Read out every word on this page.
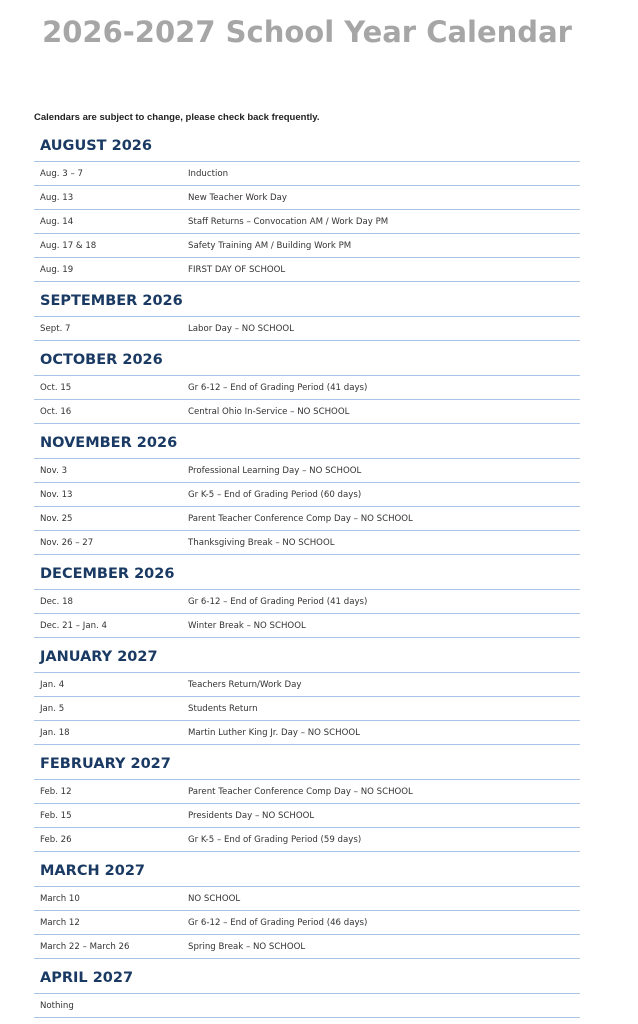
2026-2027 School Year Calendar

Calendars are subject to change, please check back frequently.

AUGUST 2026
Aug. 3 – 7	Induction
Aug. 13	New Teacher Work Day
Aug. 14	Staff Returns – Convocation AM / Work Day PM
Aug. 17 & 18	Safety Training AM / Building Work PM
Aug. 19	FIRST DAY OF SCHOOL
SEPTEMBER 2026
Sept. 7	Labor Day – NO SCHOOL
OCTOBER 2026
Oct. 15	Gr 6-12 – End of Grading Period (41 days)
Oct. 16	Central Ohio In-Service – NO SCHOOL
NOVEMBER 2026
Nov. 3	Professional Learning Day – NO SCHOOL
Nov. 13	Gr K-5 – End of Grading Period (60 days)
Nov. 25	Parent Teacher Conference Comp Day – NO SCHOOL
Nov. 26 – 27	Thanksgiving Break – NO SCHOOL
DECEMBER 2026
Dec. 18	Gr 6-12 – End of Grading Period (41 days)
Dec. 21 – Jan. 4	Winter Break – NO SCHOOL
JANUARY 2027
Jan. 4	Teachers Return/Work Day
Jan. 5	Students Return
Jan. 18	Martin Luther King Jr. Day – NO SCHOOL
FEBRUARY 2027
Feb. 12	Parent Teacher Conference Comp Day – NO SCHOOL
Feb. 15	Presidents Day – NO SCHOOL
Feb. 26	Gr K-5 – End of Grading Period (59 days)
MARCH 2027
March 10	NO SCHOOL
March 12	Gr 6-12 – End of Grading Period (46 days)
March 22 – March 26	Spring Break – NO SCHOOL
APRIL 2027
Nothing
